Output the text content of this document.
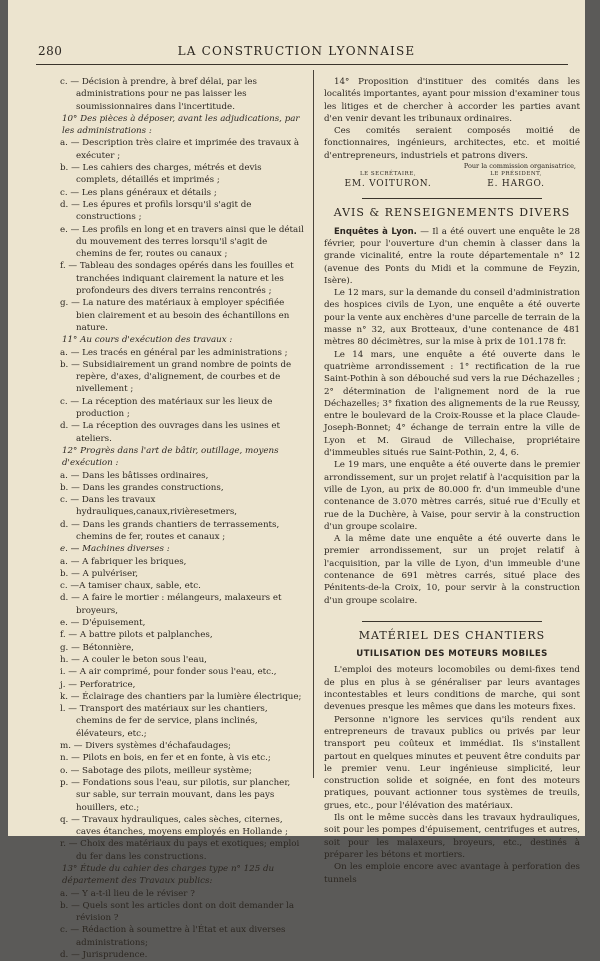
280	LA CONSTRUCTION LYONNAISE

c. — Décision à prendre, à bref délai, par les administrations pour ne pas laisser les soumissionnaires dans l'incertitude.

10° Des pièces à déposer, avant les adjudications, par les administrations :

a. — Description très claire et imprimée des travaux à exécuter ;

b. — Les cahiers des charges, métrés et devis complets, détaillés et imprimés ;

c. — Les plans généraux et détails ;

d. — Les épures et profils lorsqu'il s'agit de constructions ;

e. — Les profils en long et en travers ainsi que le détail du mouvement des terres lorsqu'il s'agit de chemins de fer, routes ou canaux ;

f. — Tableau des sondages opérés dans les fouilles et tranchées indiquant clairement la nature et les profondeurs des divers terrains rencontrés ;

g. — La nature des matériaux à employer spécifiée bien clairement et au besoin des échantillons en nature.

11° Au cours d'exécution des travaux :

a. — Les tracés en général par les administrations ;

b. — Subsidiairement un grand nombre de points de repère, d'axes, d'alignement, de courbes et de nivellement ;

c. — La réception des matériaux sur les lieux de production ;

d. — La réception des ouvrages dans les usines et ateliers.

12° Progrès dans l'art de bâtir, outillage, moyens d'exécution :

a. — Dans les bâtisses ordinaires,

b. — Dans les grandes constructions,

c. — Dans les travaux hydrauliques,canaux,rivièresetmers,

d. — Dans les grands chantiers de terrassements, chemins de fer, routes et canaux ;

e. — Machines diverses :

a. — A fabriquer les briques,

b. — A pulvériser,

c. —A tamiser chaux, sable, etc.

d. — A faire le mortier : mélangeurs, malaxeurs et broyeurs,

e. — D'épuisement,

f. — A battre pilots et palplanches,

g. — Bétonnière,

h. — A couler le beton sous l'eau,

i. — A air comprimé, pour fonder sous l'eau, etc.,

j. — Perforatrice,

k. — Éclairage des chantiers par la lumière électrique;

l. — Transport des matériaux sur les chantiers, chemins de fer de service, plans inclinés, élévateurs, etc.;

m. — Divers systèmes d'échafaudages;

n. — Pilots en bois, en fer et en fonte, à vis etc.;

o. — Sabotage des pilots, meilleur système;

p. — Fondations sous l'eau, sur pilotis, sur plancher, sur sable, sur terrain mouvant, dans les pays houillers, etc.;

q. — Travaux hydrauliques, cales sèches, citernes, caves étanches, moyens employés en Hollande ;

r. — Choix des matériaux du pays et exotiques; emploi du fer dans les constructions.

13° Étude du cahier des charges type n° 125 du département des Travaux publics:

a. — Y a-t-il lieu de le réviser ?

b. — Quels sont les articles dont on doit demander la révision ?

c. — Rédaction à soumettre à l'État et aux diverses administrations;

d. — Jurisprudence.

14° Proposition d'instituer des comités dans les localités importantes, ayant pour mission d'examiner tous les litiges et de chercher à accorder les parties avant d'en venir devant les tribunaux ordinaires.

Ces comités seraient composés moitié de fonctionnaires, ingénieurs, architectes, etc. et moitié d'entrepreneurs, industriels et patrons divers.

Pour la commission organisatrice,
LE SECRÉTAIRE,
EM. VOITURON.
LE PRÉSIDENT,
E. HARGO.
AVIS & RENSEIGNEMENTS DIVERS

Enquêtes à Lyon. — Il a été ouvert une enquête le 28 février, pour l'ouverture d'un chemin à classer dans la grande vicinalité, entre la route départementale n° 12 (avenue des Ponts du Midi et la commune de Feyzin, Isère).

Le 12 mars, sur la demande du conseil d'administration des hospices civils de Lyon, une enquête a été ouverte pour la vente aux enchères d'une parcelle de terrain de la masse n° 32, aux Brotteaux, d'une contenance de 481 mètres 80 décimètres, sur la mise à prix de 101.178 fr.

Le 14 mars, une enquête a été ouverte dans le quatrième arrondissement : 1° rectification de la rue Saint-Pothin à son débouché sud vers la rue Déchazelles ; 2° détermination de l'alignement nord de la rue Déchazelles; 3° fixation des alignements de la rue Reussy, entre le boulevard de la Croix-Rousse et la place Claude-Joseph-Bonnet; 4° échange de terrain entre la ville de Lyon et M. Giraud de Villechaise, propriétaire d'immeubles situés rue Saint-Pothin, 2, 4, 6.

Le 19 mars, une enquête a été ouverte dans le premier arrondissement, sur un projet relatif à l'acquisition par la ville de Lyon, au prix de 80.000 fr. d'un immeuble d'une contenance de 3.070 mètres carrés, situé rue d'Ecully et rue de la Duchère, à Vaise, pour servir à la construction d'un groupe scolaire.

A la même date une enquête a été ouverte dans le premier arrondissement, sur un projet relatif à l'acquisition, par la ville de Lyon, d'un immeuble d'une contenance de 691 mètres carrés, situé place des Pénitents-de-la Croix, 10, pour servir à la construction d'un groupe scolaire.

MATÉRIEL DES CHANTIERS
UTILISATION DES MOTEURS MOBILES

L'emploi des moteurs locomobiles ou demi-fixes tend de plus en plus à se généraliser par leurs avantages incontestables et leurs conditions de marche, qui sont devenues presque les mêmes que dans les moteurs fixes.

Personne n'ignore les services qu'ils rendent aux entrepreneurs de travaux publics ou privés par leur transport peu coûteux et immédiat. Ils s'installent partout en quelques minutes et peuvent être conduits par le premier venu. Leur ingénieuse simplicité, leur construction solide et soignée, en font des moteurs pratiques, pouvant actionner tous systèmes de treuils, grues, etc., pour l'élévation des matériaux.

Ils ont le même succès dans les travaux hydrauliques, soit pour les pompes d'épuisement, centrifuges et autres, soit pour les malaxeurs, broyeurs, etc., destinés à préparer les bétons et mortiers.

On les emploie encore avec avantage à perforation des tunnels
